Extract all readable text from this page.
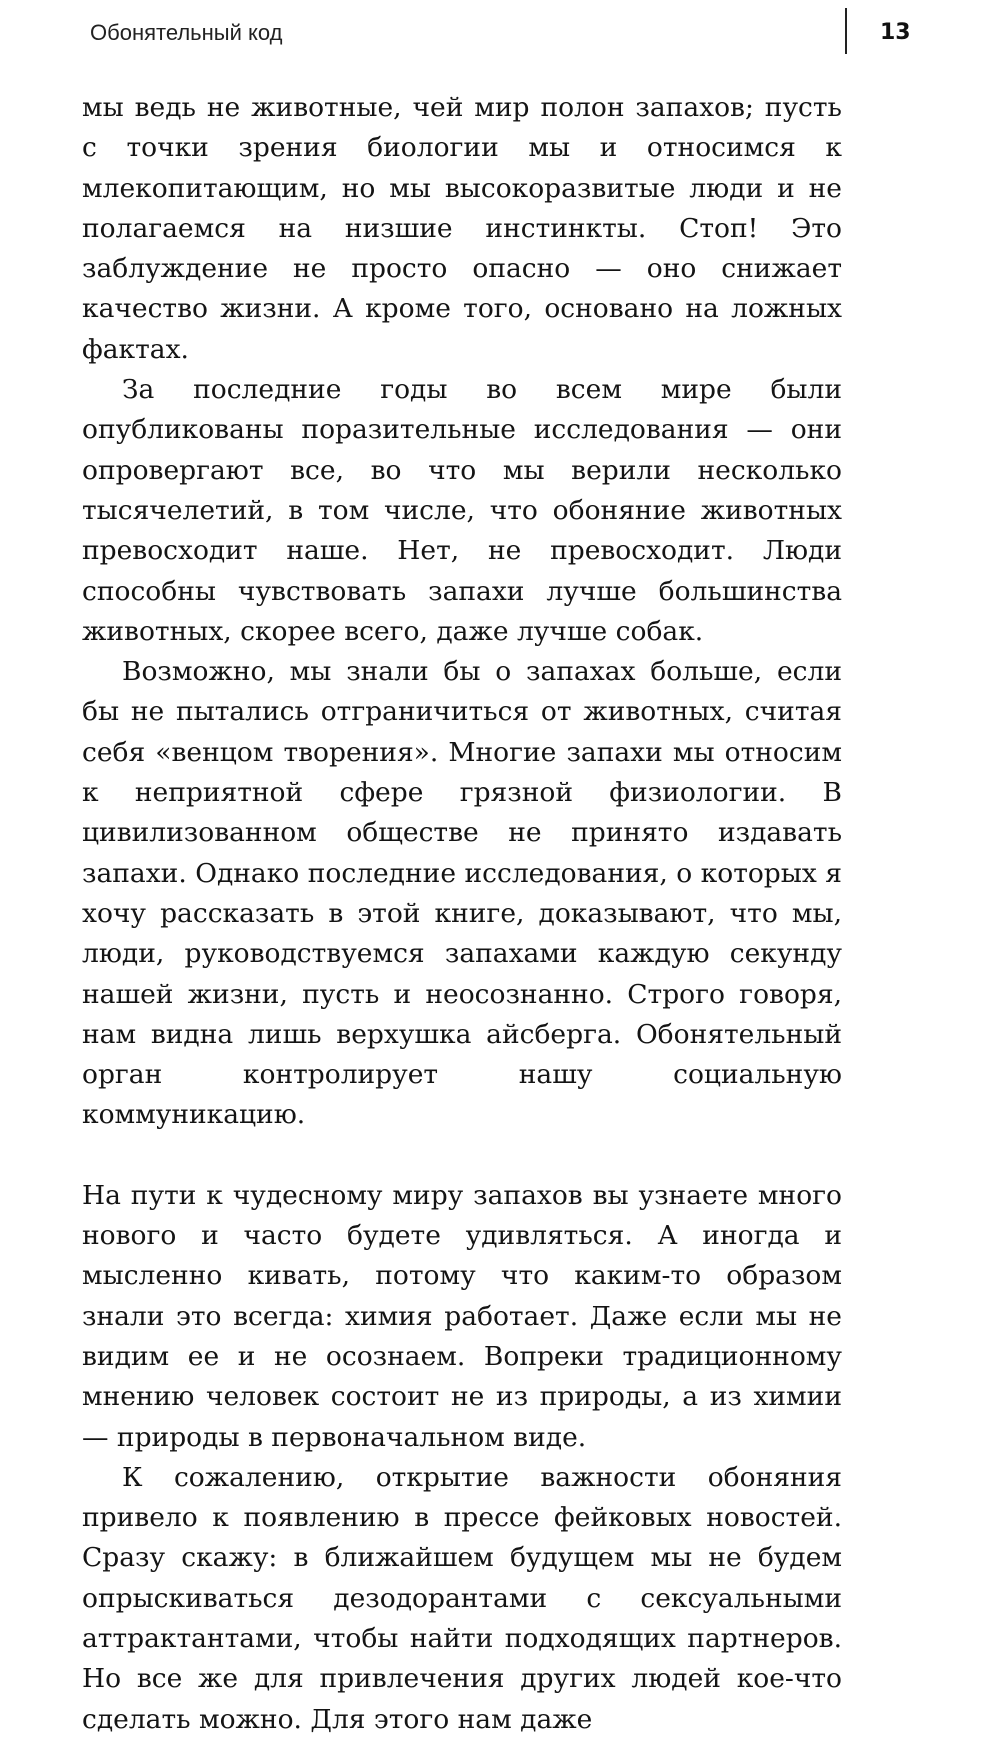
Обонятельный код	13

мы ведь не животные, чей мир полон запахов; пусть с точки зрения биологии мы и относимся к млекопитающим, но мы высокоразвитые люди и не полагаемся на низшие инстинкты. Стоп! Это заблуждение не просто опасно — оно снижает качество жизни. А кроме того, основано на ложных фактах.

За последние годы во всем мире были опубликованы поразительные исследования — они опровергают все, во что мы верили несколько тысячелетий, в том числе, что обоняние животных превосходит наше. Нет, не превосходит. Люди способны чувствовать запахи лучше большинства животных, скорее всего, даже лучше собак.

Возможно, мы знали бы о запахах больше, если бы не пытались отграничиться от животных, считая себя «венцом творения». Многие запахи мы относим к неприятной сфере грязной физиологии. В цивилизованном обществе не принято издавать запахи. Однако последние исследования, о которых я хочу рассказать в этой книге, доказывают, что мы, люди, руководствуемся запахами каждую секунду нашей жизни, пусть и неосознанно. Строго говоря, нам видна лишь верхушка айсберга. Обонятельный орган контролирует нашу социальную коммуникацию.

На пути к чудесному миру запахов вы узнаете много нового и часто будете удивляться. А иногда и мысленно кивать, потому что каким-то образом знали это всегда: химия работает. Даже если мы не видим ее и не осознаем. Вопреки традиционному мнению человек состоит не из природы, а из химии — природы в первоначальном виде.

К сожалению, открытие важности обоняния привело к появлению в прессе фейковых новостей. Сразу скажу: в ближайшем будущем мы не будем опрыскиваться дезодорантами с сексуальными аттрактантами, чтобы найти подходящих партнеров. Но все же для привлечения других людей кое-что сделать можно. Для этого нам даже
